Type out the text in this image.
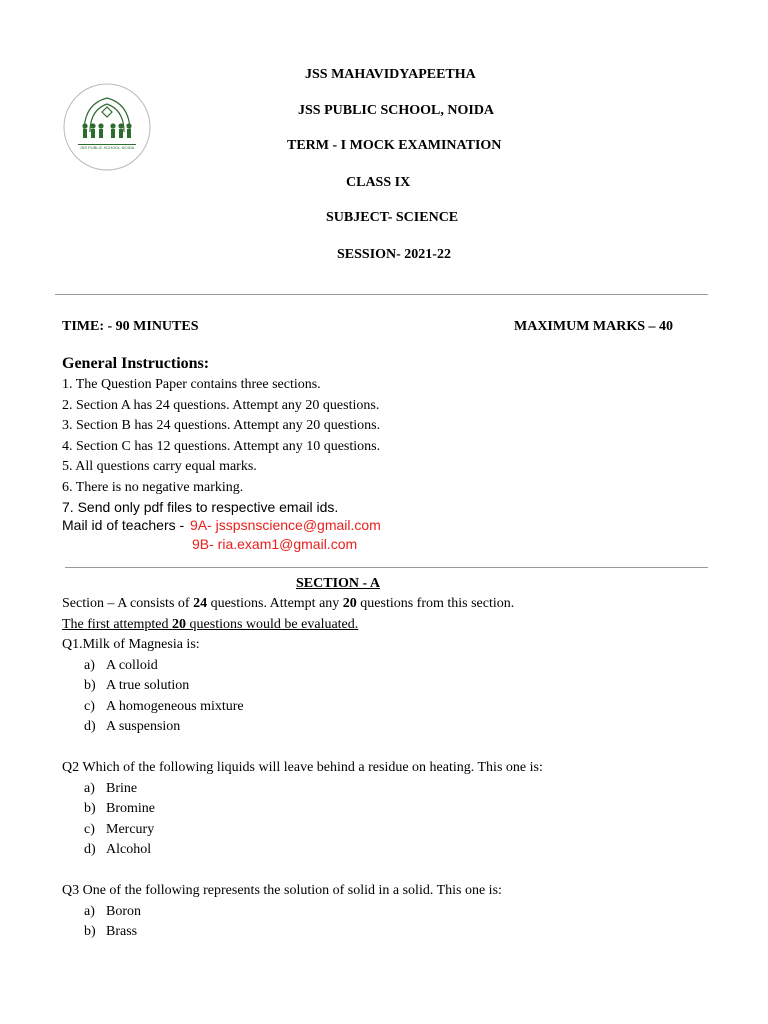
JSS PUBLIC SCHOOL NOIDA
JSS MAHAVIDYAPEETHA
JSS PUBLIC SCHOOL, NOIDA
TERM - I MOCK EXAMINATION
CLASS IX
SUBJECT- SCIENCE
SESSION- 2021-22
TIME: - 90 MINUTES	MAXIMUM MARKS – 40
General Instructions:
1. The Question Paper contains three sections.
2. Section A has 24 questions. Attempt any 20 questions.
3. Section B has 24 questions. Attempt any 20 questions.
4. Section C has 12 questions. Attempt any 10 questions.
5. All questions carry equal marks.
6. There is no negative marking.
7. Send only pdf files to respective email ids.
Mail id of teachers - 9A- jsspsnscience@gmail.com
9B- ria.exam1@gmail.com
SECTION - A
Section – A consists of 24 questions. Attempt any 20 questions from this section.
The first attempted 20 questions would be evaluated.
Q1.Milk of Magnesia is:
a) A colloid
b) A true solution
c) A homogeneous mixture
d) A suspension
Q2 Which of the following liquids will leave behind a residue on heating. This one is:
a) Brine
b) Bromine
c) Mercury
d) Alcohol
Q3 One of the following represents the solution of solid in a solid. This one is:
a) Boron
b) Brass
